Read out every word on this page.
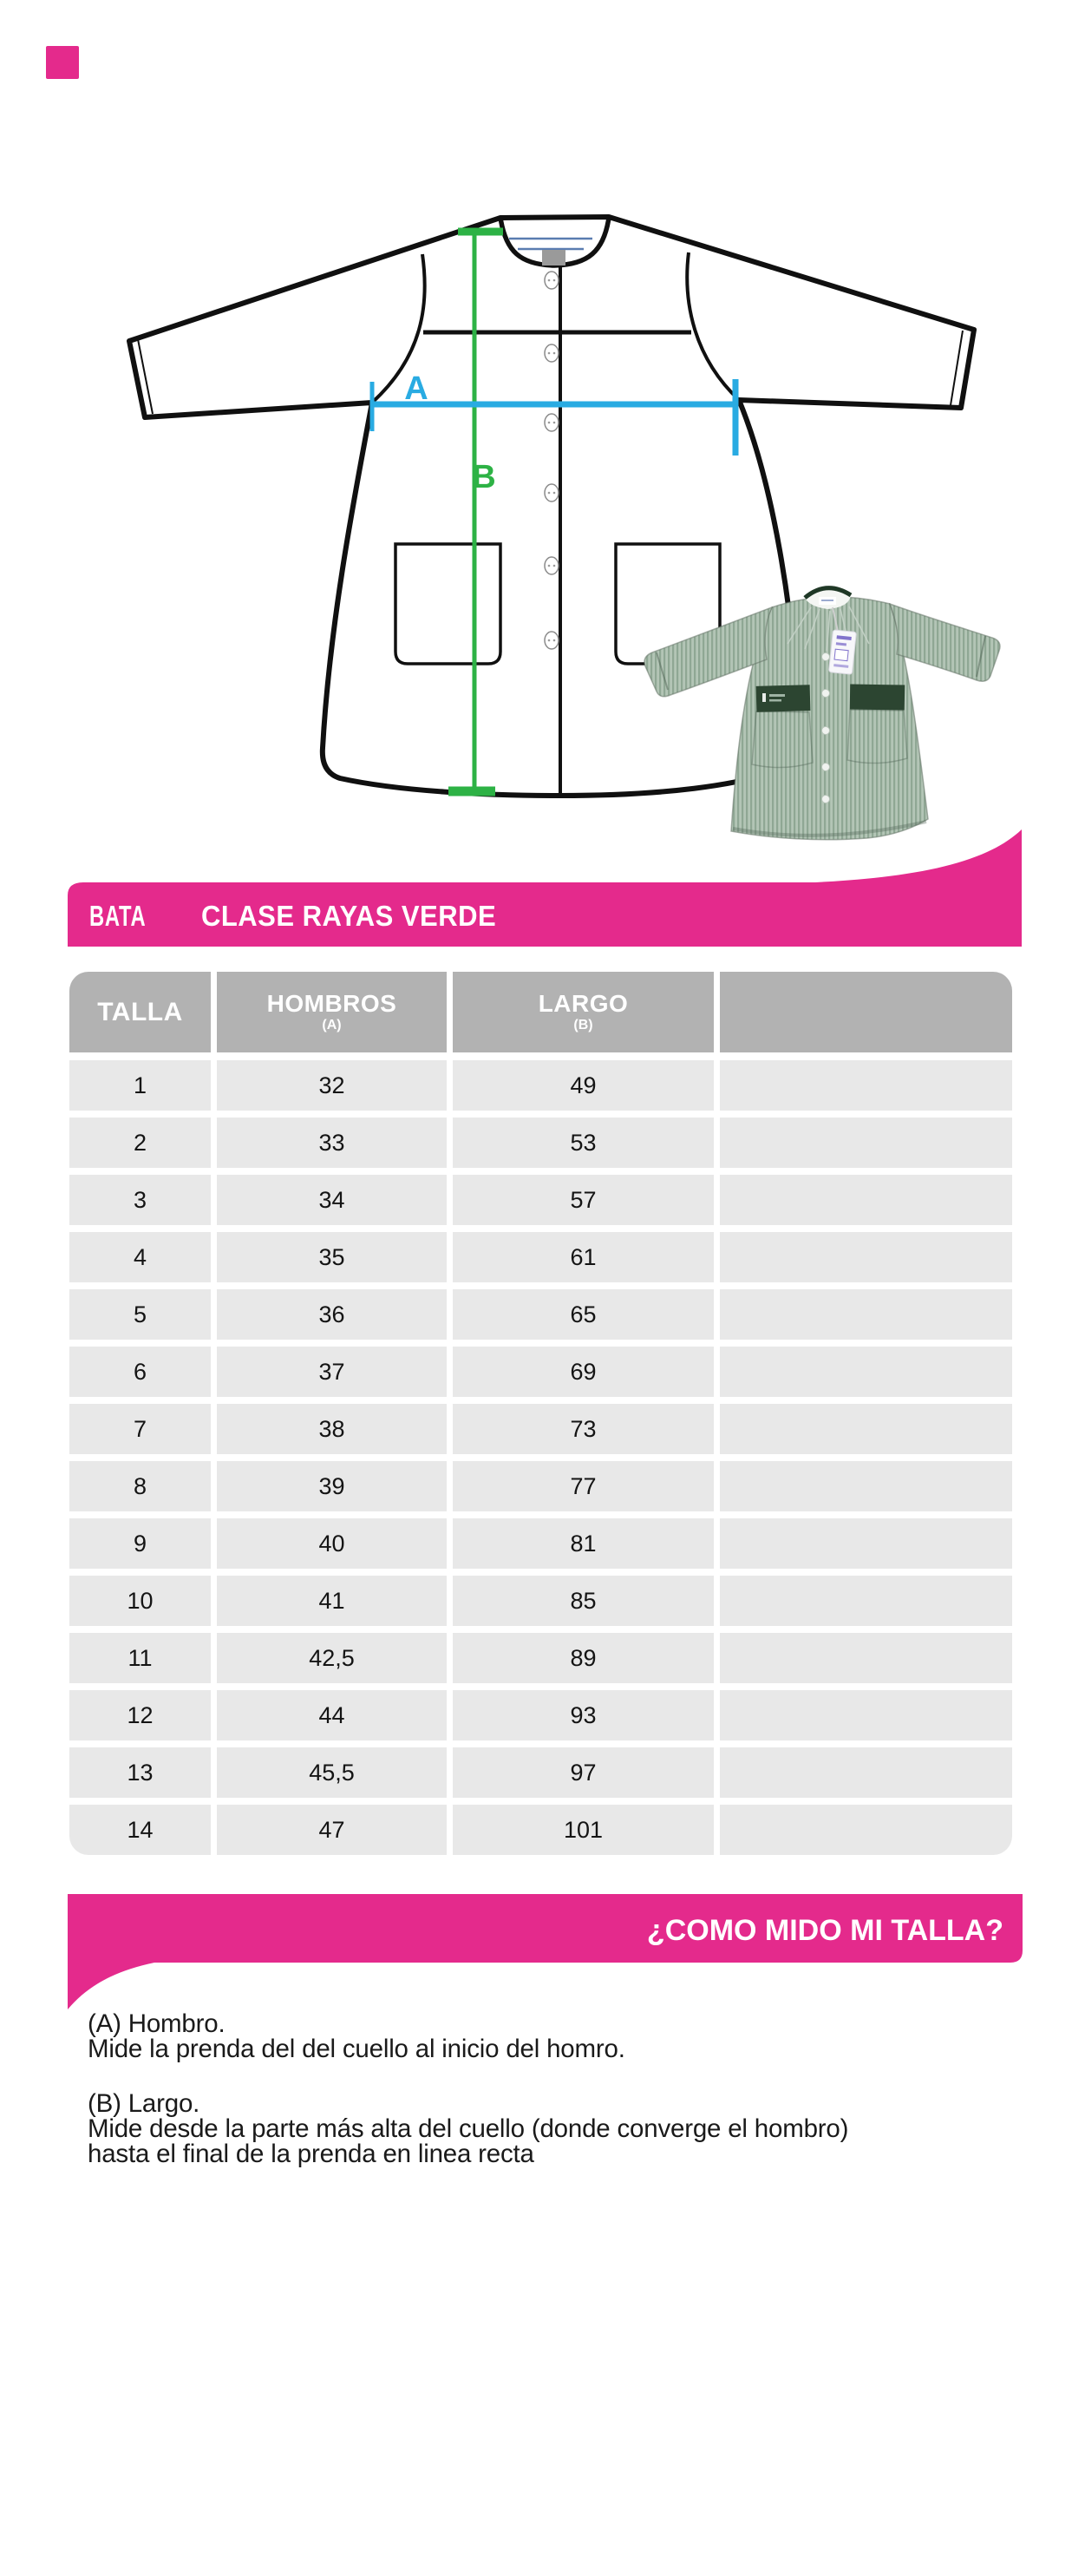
A
B
BATA CLASE RAYAS VERDE
TALLA	HOMBROS
(A)
LARGO
(B)
1	32	49
2	33	53
3	34	57
4	35	61
5	36	65
6	37	69
7	38	73
8	39	77
9	40	81
10	41	85
11	42,5	89
12	44	93
13	45,5	97
14	47	101
¿COMO MIDO MI TALLA?
(A) Hombro.
Mide la prenda del del cuello al inicio del homro.
(B) Largo.
Mide desde la parte más alta del cuello (donde converge el hombro)
hasta el final de la prenda en linea recta
